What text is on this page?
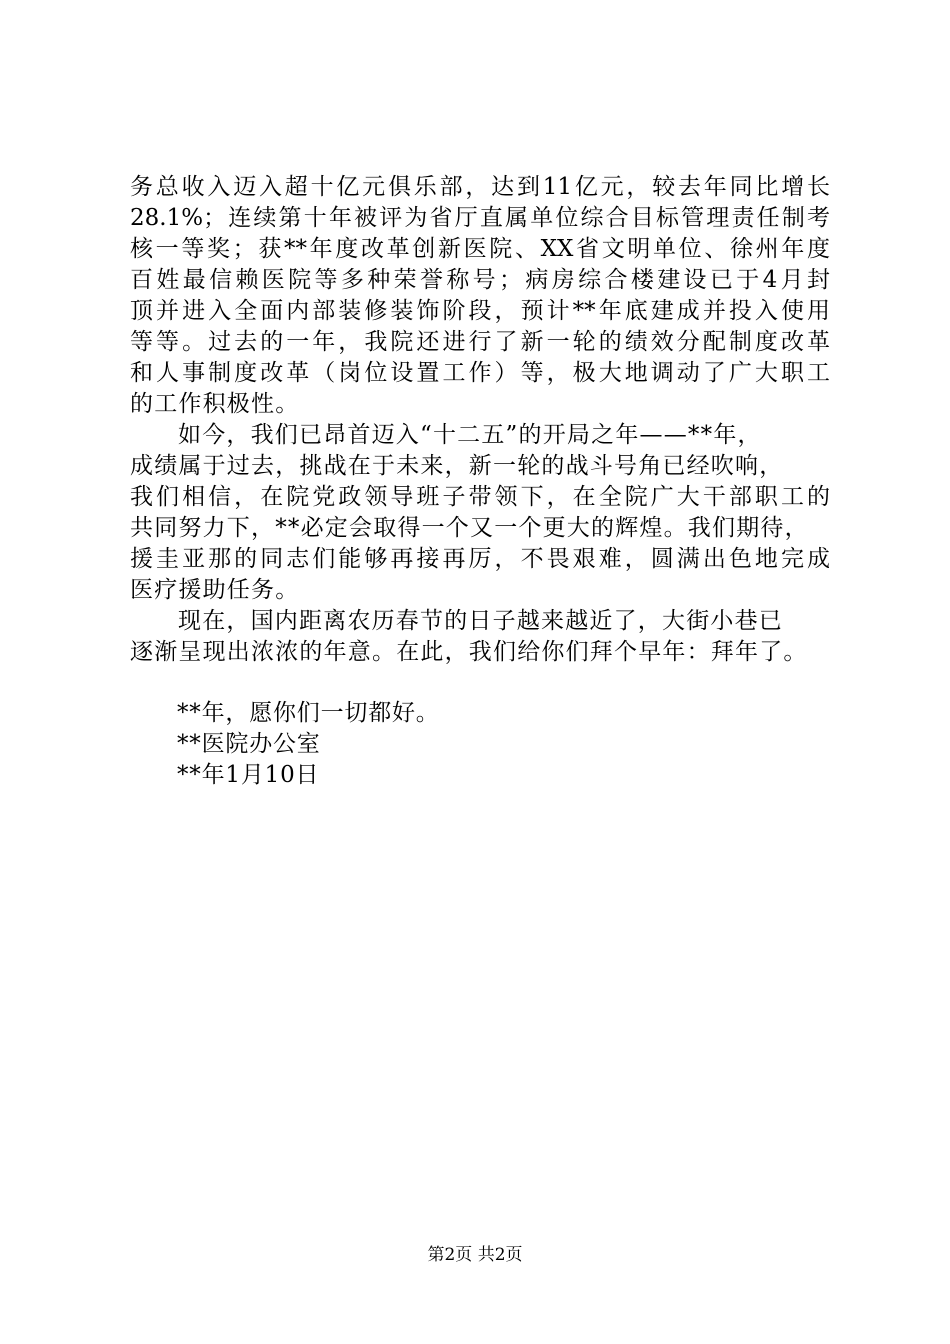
务总收入迈入超十亿元俱乐部，达到11亿元，较去年同比增长
28.1%；连续第十年被评为省厅直属单位综合目标管理责任制考
核一等奖；获**年度改革创新医院、XX省文明单位、徐州年度
百姓最信赖医院等多种荣誉称号；病房综合楼建设已于4月封
顶并进入全面内部装修装饰阶段，预计**年底建成并投入使用
等等。过去的一年，我院还进行了新一轮的绩效分配制度改革
和人事制度改革（岗位设置工作）等，极大地调动了广大职工
的工作积极性。
如今，我们已昂首迈入“十二五”的开局之年——**年，
成绩属于过去，挑战在于未来，新一轮的战斗号角已经吹响，
我们相信，在院党政领导班子带领下，在全院广大干部职工的
共同努力下，**必定会取得一个又一个更大的辉煌。我们期待，
援圭亚那的同志们能够再接再厉，不畏艰难，圆满出色地完成
医疗援助任务。
现在，国内距离农历春节的日子越来越近了，大街小巷已
逐渐呈现出浓浓的年意。在此，我们给你们拜个早年：拜年了。
**年，愿你们一切都好。
**医院办公室
**年1月10日
第2页 共2页
